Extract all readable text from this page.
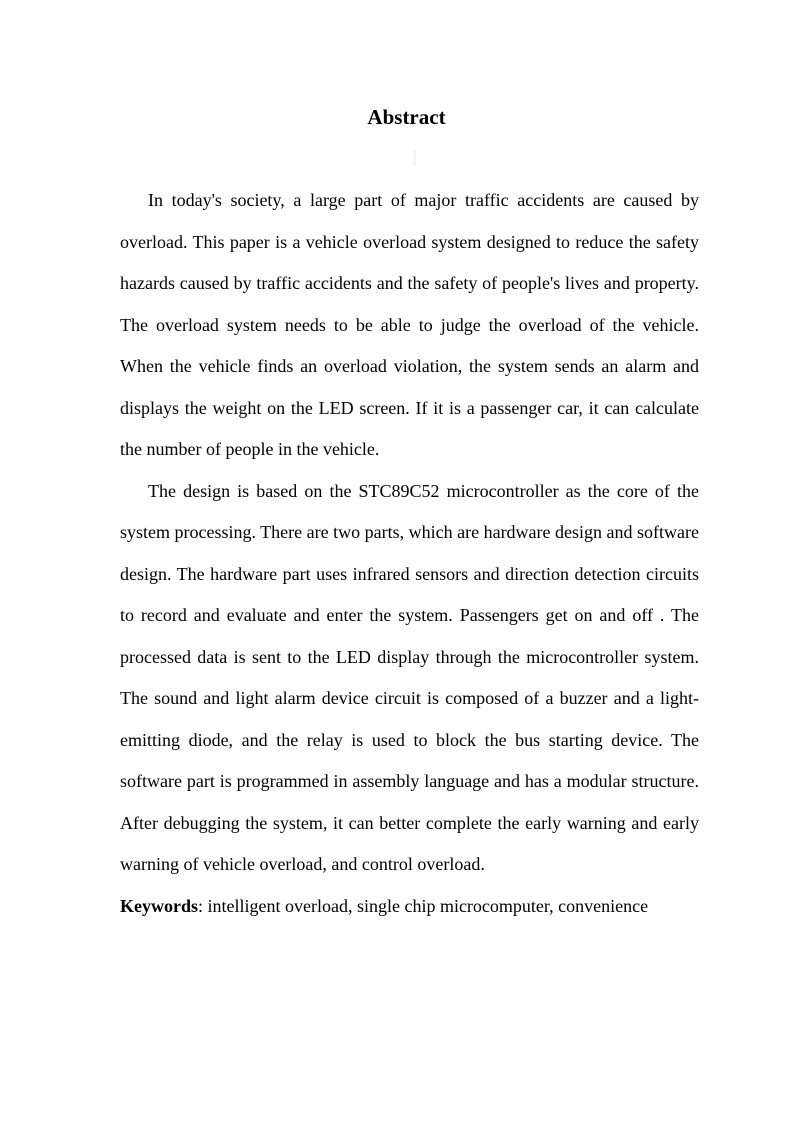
Abstract

In today's society, a large part of major traffic accidents are caused by overload. This paper is a vehicle overload system designed to reduce the safety hazards caused by traffic accidents and the safety of people's lives and property. The overload system needs to be able to judge the overload of the vehicle. When the vehicle finds an overload violation, the system sends an alarm and displays the weight on the LED screen. If it is a passenger car, it can calculate the number of people in the vehicle.

The design is based on the STC89C52 microcontroller as the core of the system processing. There are two parts, which are hardware design and software design. The hardware part uses infrared sensors and direction detection circuits to record and evaluate and enter the system. Passengers get on and off . The processed data is sent to the LED display through the microcontroller system. The sound and light alarm device circuit is composed of a buzzer and a light-emitting diode, and the relay is used to block the bus starting device. The software part is programmed in assembly language and has a modular structure. After debugging the system, it can better complete the early warning and early warning of vehicle overload, and control overload.

Keywords: intelligent overload, single chip microcomputer, convenience
